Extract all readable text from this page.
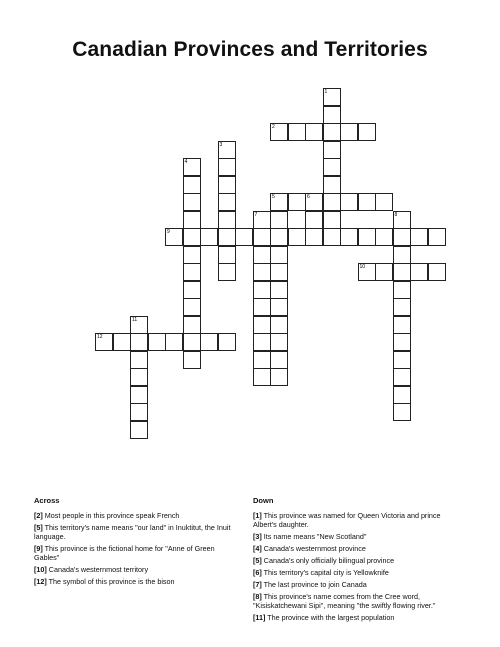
Canadian Provinces and Territories
1
2
3
4
5	6
7	8
9
10
11
12
Across
[2] Most people in this province speak French
[5] This territory's name means "our land" in Inuktitut, the Inuit language.
[9] This province is the fictional home for "Anne of Green Gables"
[10] Canada's westernmost territory
[12] The symbol of this province is the bison
Down
[1] This province was named for Queen Victoria and prince Albert's daughter.
[3] Its name means "New Scotland"
[4] Canada's westernmost province
[5] Canada's only officially bilingual province
[6] This territory's capital city is Yellowknife
[7] The last province to join Canada
[8] This province's name comes from the Cree word, "Kisiskatchewani Sipi", meaning "the swiftly flowing river."
[11] The province with the largest population
